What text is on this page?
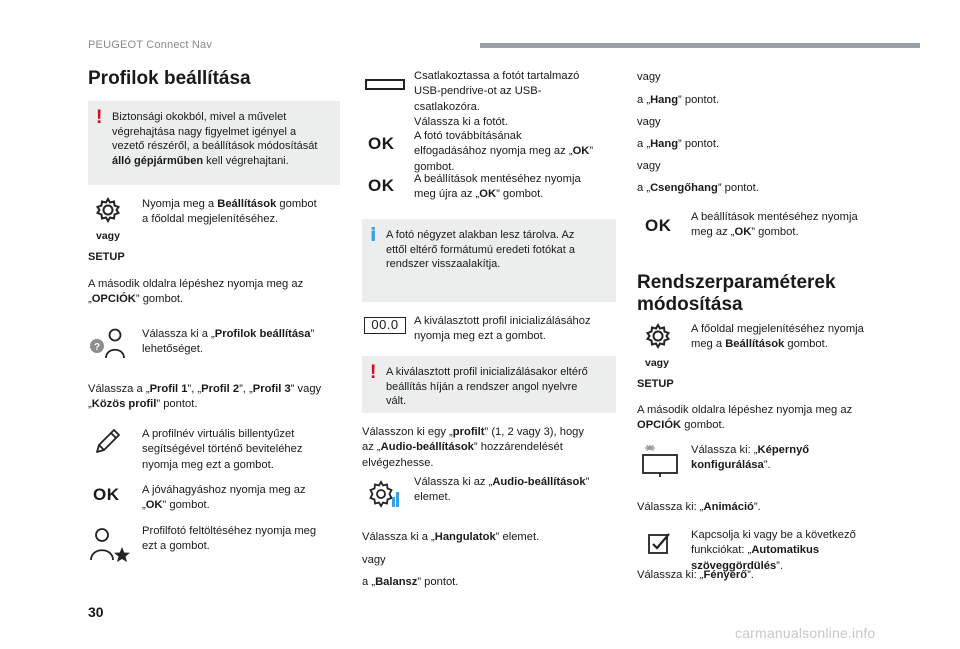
PEUGEOT Connect Nav
Profilok beállítása
! Biztonsági okokból, mivel a művelet
végrehajtása nagy figyelmet igényel a
vezető részéről, a beállítások módosítását
álló gépjárműben kell végrehajtani.

vagy
SETUP
Nyomja meg a Beállítások gombot
a főoldal megjelenítéséhez.
A második oldalra lépéshez nyomja meg az
„OPCIÓK” gombot.
?
Válassza ki a „Profilok beállítása”
lehetőséget.
Válassza a „Profil 1”, „Profil 2”, „Profil 3” vagy
„Közös profil” pontot.
A profilnév virtuális billentyűzet
segítségével történő beviteléhez
nyomja meg ezt a gombot.
OK A jóváhagyáshoz nyomja meg az
„OK” gombot.
Profilfotó feltöltéséhez nyomja meg
ezt a gombot.
Csatlakoztassa a fotót tartalmazó
USB-pendrive-ot az USB-
csatlakozóra.
Válassza ki a fotót.
OK A fotó továbbításának
elfogadásához nyomja meg az „OK”
gombot.
OK A beállítások mentéséhez nyomja
meg újra az „OK” gombot.
i A fotó négyzet alakban lesz tárolva. Az
ettől eltérő formátumú eredeti fotókat a
rendszer visszaalakítja.

00.0	A kiválasztott profil inicializálásához
nyomja meg ezt a gombot.
! A kiválasztott profil inicializálásakor eltérő
beállítás híján a rendszer angol nyelvre
vált.

Válasszon ki egy „profilt” (1, 2 vagy 3), hogy
az „Audio-beállítások” hozzárendelését
elvégezhesse.
Válassza ki az „Audio-beállítások”
elemet.
Válassza ki a „Hangulatok” elemet.
vagy
a „Balansz” pontot.
vagy
a „Hang” pontot.
vagy
a „Hang” pontot.
vagy
a „Csengőhang” pontot.
OK A beállítások mentéséhez nyomja
meg az „OK” gombot.
Rendszerparaméterek
módosítása
vagy
SETUP
A főoldal megjelenítéséhez nyomja
meg a Beállítások gombot.
A második oldalra lépéshez nyomja meg az
OPCIÓK gombot.
Válassza ki: „Képernyő
konfigurálása”.
Válassza ki: „Animáció”.
Kapcsolja ki vagy be a következő
funkciókat: „Automatikus
szöveggördülés”.
Válassza ki: „Fényerő”.
30
carmanualsonline.info
